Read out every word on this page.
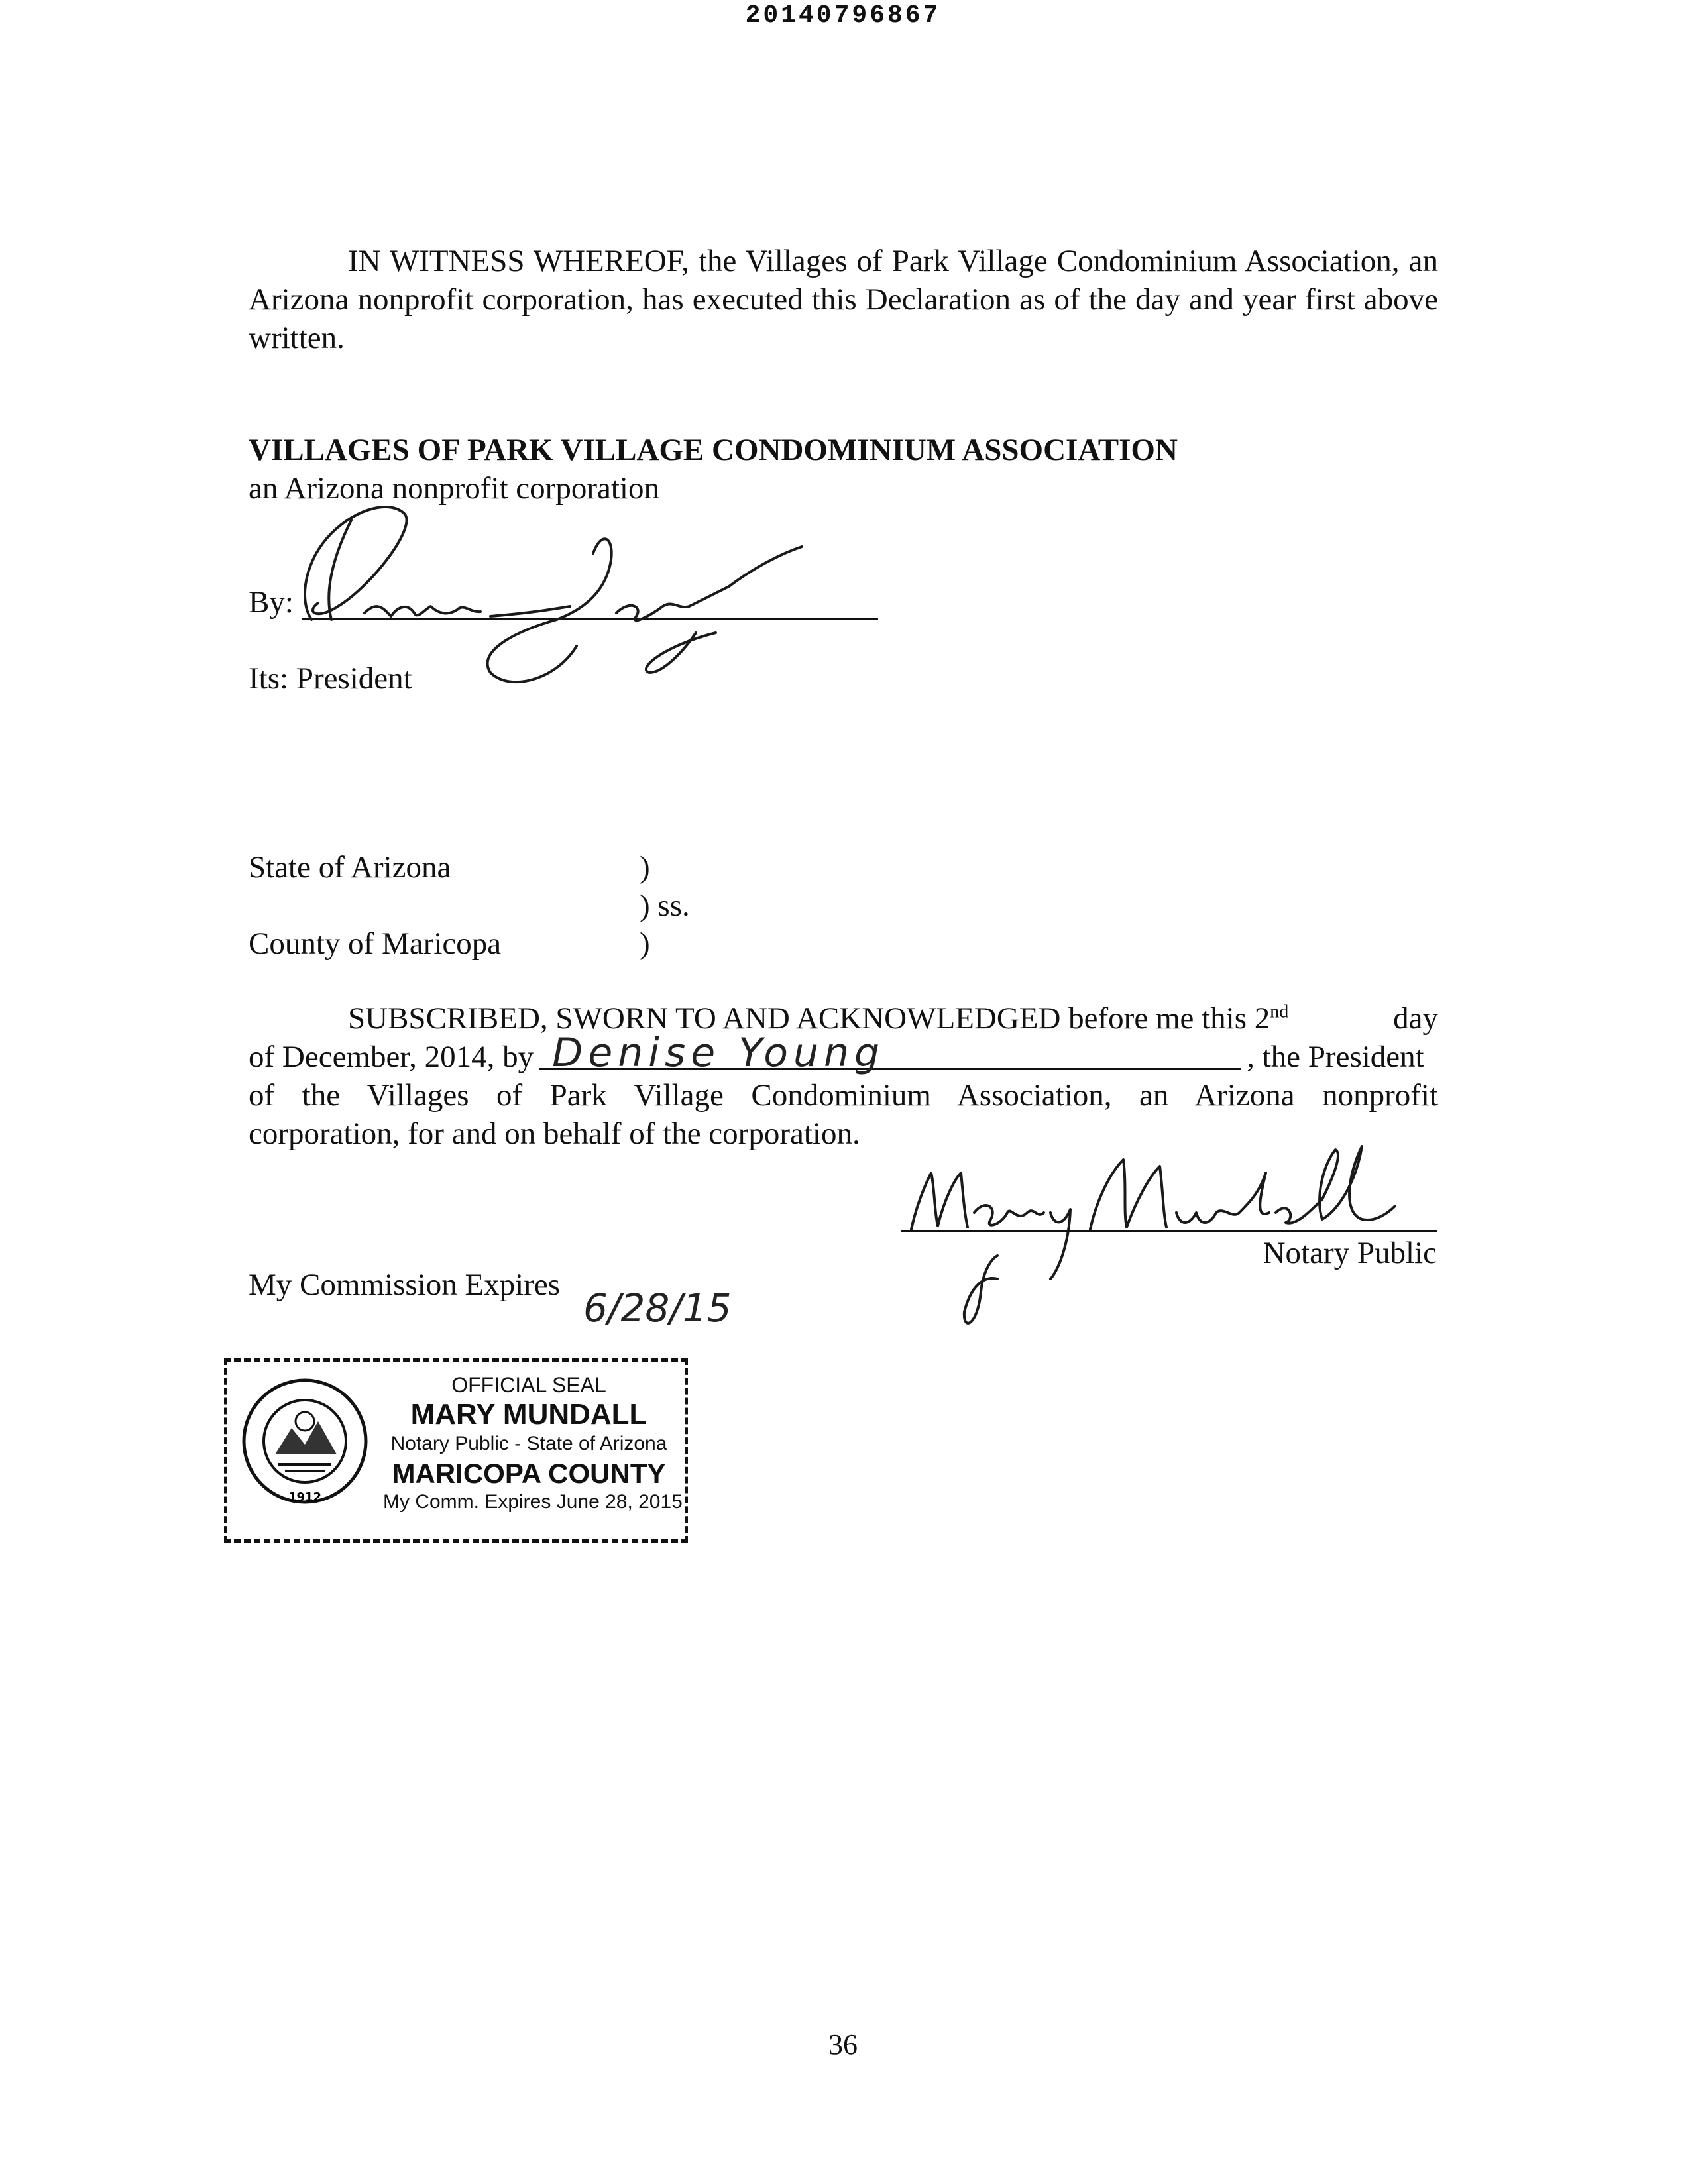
20140796867
IN WITNESS WHEREOF, the Villages of Park Village Condominium Association, an Arizona nonprofit corporation, has executed this Declaration as of the day and year first above written.
VILLAGES OF PARK VILLAGE CONDOMINIUM ASSOCIATION
an Arizona nonprofit corporation
By:
Its: President
State of Arizona	)
) ss.
County of Maricopa	)
SUBSCRIBED, SWORN TO AND ACKNOWLEDGED before me this 2nd	day
of December, 2014, by Denise Young	, the President
of the Villages of Park Village Condominium Association, an Arizona nonprofit
corporation, for and on behalf of the corporation.
Notary Public
My Commission Expires
6/28/15
1912
OFFICIAL SEAL
MARY MUNDALL
Notary Public - State of Arizona
MARICOPA COUNTY
My Comm. Expires June 28, 2015
36
